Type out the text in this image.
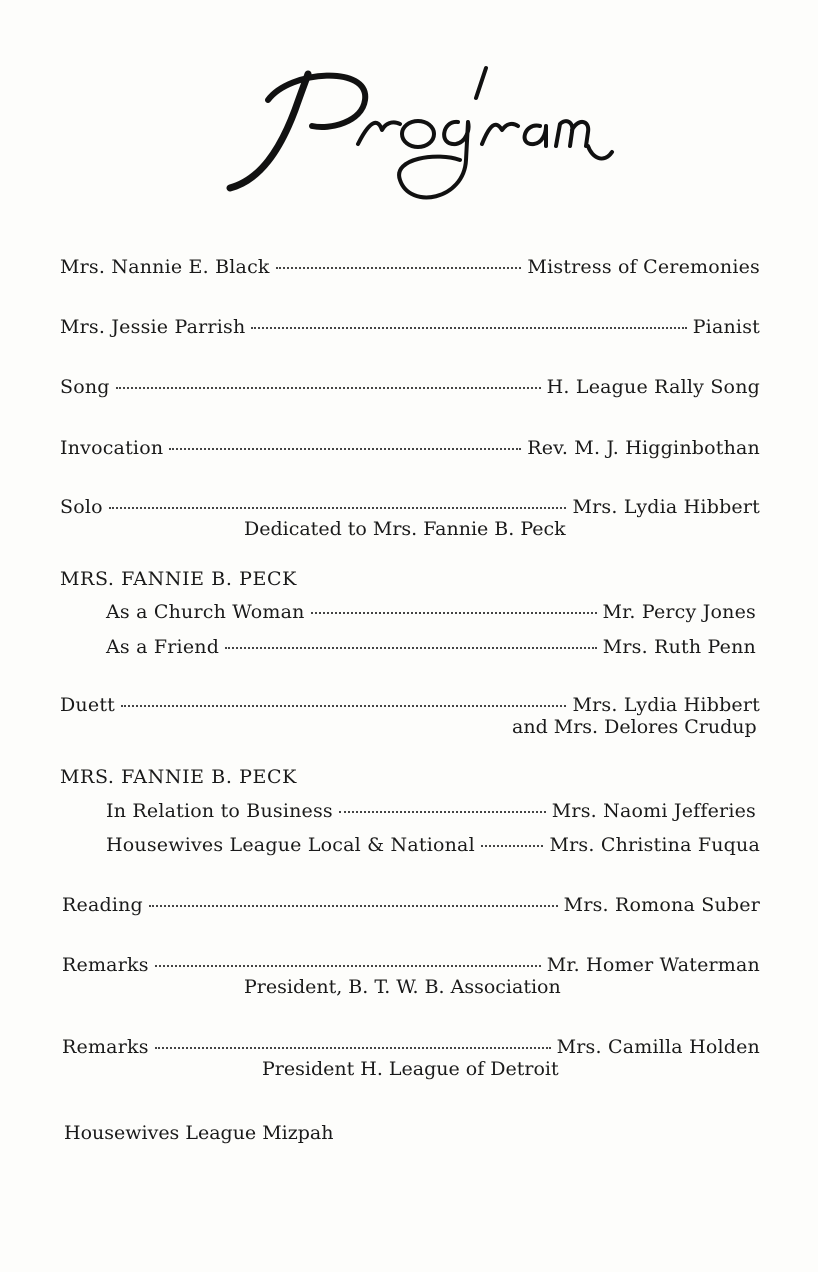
Mrs. Nannie E. Black	Mistress of Ceremonies
Mrs. Jessie Parrish	Pianist
Song	H. League Rally Song
Invocation	Rev. M. J. Higginbothan
Solo	Mrs. Lydia Hibbert
Dedicated to Mrs. Fannie B. Peck
MRS. FANNIE B. PECK
As a Church Woman	Mr. Percy Jones
As a Friend	Mrs. Ruth Penn
Duett	Mrs. Lydia Hibbert
and Mrs. Delores Crudup
MRS. FANNIE B. PECK
In Relation to Business	Mrs. Naomi Jefferies
Housewives League Local & National	Mrs. Christina Fuqua
Reading	Mrs. Romona Suber
Remarks	Mr. Homer Waterman
President, B. T. W. B. Association
Remarks	Mrs. Camilla Holden
President H. League of Detroit
Housewives League Mizpah
